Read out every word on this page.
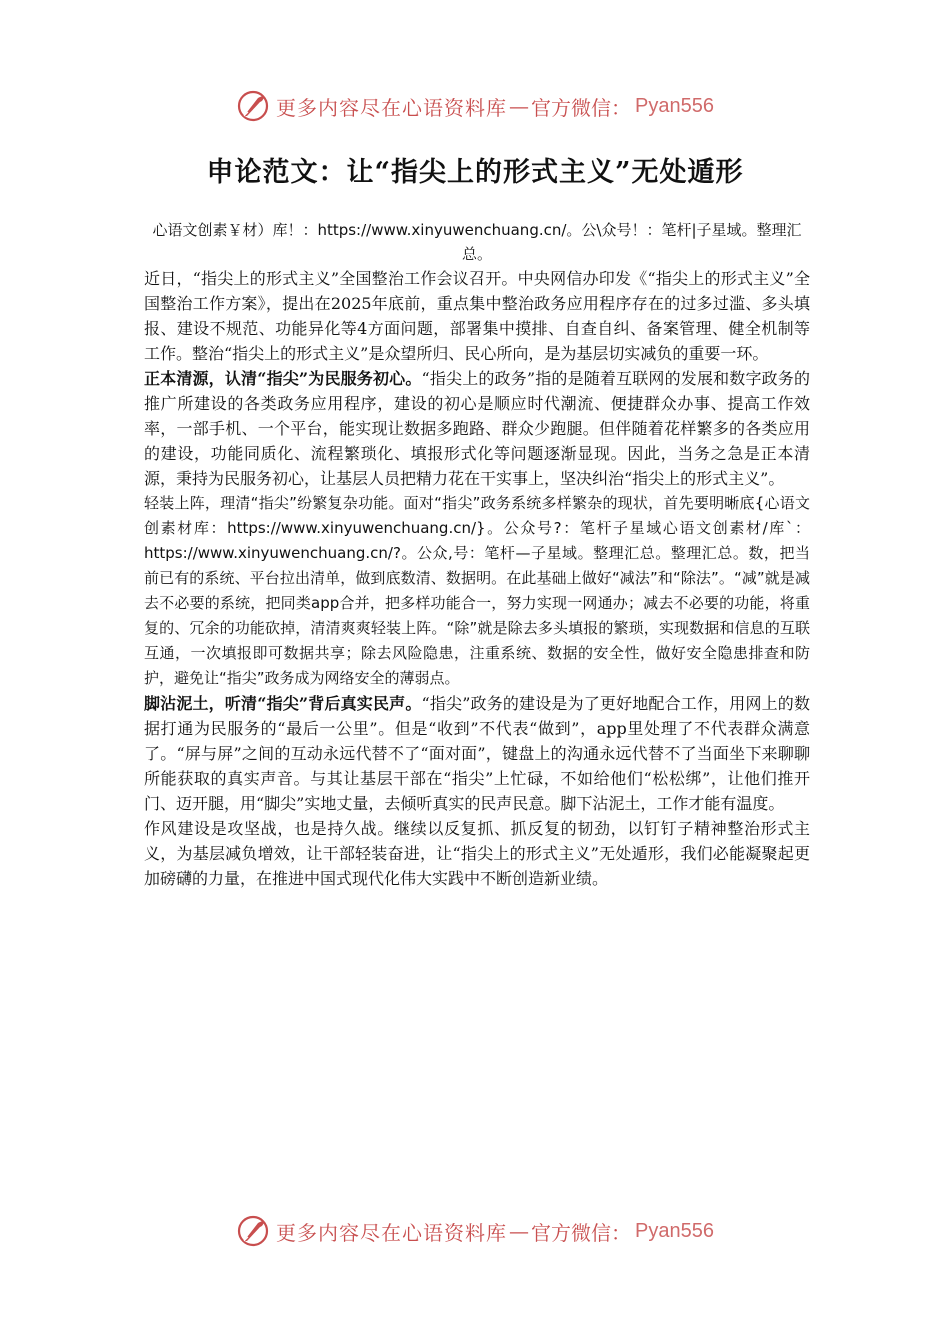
更多内容尽在心语资料库 — 官方微信： Pyan556
申论范文：让“指尖上的形式主义”无处遁形

心语文创素￥材）库！：https://www.xinyuwenchuang.cn/。公\众号！：笔杆|子星域。整理汇总。

近日，“指尖上的形式主义”全国整治工作会议召开。中央网信办印发《“指尖上的形式主义”全国整治工作方案》，提出在2025年底前，重点集中整治政务应用程序存在的过多过滥、多头填报、建设不规范、功能异化等4方面问题，部署集中摸排、自查自纠、备案管理、健全机制等工作。整治“指尖上的形式主义”是众望所归、民心所向，是为基层切实减负的重要一环。

正本清源，认清“指尖”为民服务初心。“指尖上的政务”指的是随着互联网的发展和数字政务的推广所建设的各类政务应用程序，建设的初心是顺应时代潮流、便捷群众办事、提高工作效率，一部手机、一个平台，能实现让数据多跑路、群众少跑腿。但伴随着花样繁多的各类应用的建设，功能同质化、流程繁琐化、填报形式化等问题逐渐显现。因此，当务之急是正本清源，秉持为民服务初心，让基层人员把精力花在干实事上，坚决纠治“指尖上的形式主义”。

轻装上阵，理清“指尖”纷繁复杂功能。面对“指尖”政务系统多样繁杂的现状，首先要明晰底{心语文创素材库：https://www.xinyuwenchuang.cn/}。公众号?：笔杆子星域心语文创素材/库`：https://www.xinyuwenchuang.cn/?。公众,号：笔杆—子星域。整理汇总。整理汇总。数，把当前已有的系统、平台拉出清单，做到底数清、数据明。在此基础上做好“减法”和“除法”。“减”就是减去不必要的系统，把同类app合并，把多样功能合一，努力实现一网通办；减去不必要的功能，将重复的、冗余的功能砍掉，清清爽爽轻装上阵。“除”就是除去多头填报的繁琐，实现数据和信息的互联互通，一次填报即可数据共享；除去风险隐患，注重系统、数据的安全性，做好安全隐患排查和防护，避免让“指尖”政务成为网络安全的薄弱点。

脚沾泥土，听清“指尖”背后真实民声。“指尖”政务的建设是为了更好地配合工作，用网上的数据打通为民服务的“最后一公里”。但是“收到”不代表“做到”，app里处理了不代表群众满意了。“屏与屏”之间的互动永远代替不了“面对面”，键盘上的沟通永远代替不了当面坐下来聊聊所能获取的真实声音。与其让基层干部在“指尖”上忙碌，不如给他们“松松绑”，让他们推开门、迈开腿，用“脚尖”实地丈量，去倾听真实的民声民意。脚下沾泥土，工作才能有温度。

作风建设是攻坚战，也是持久战。继续以反复抓、抓反复的韧劲，以钉钉子精神整治形式主义，为基层减负增效，让干部轻装奋进，让“指尖上的形式主义”无处遁形，我们必能凝聚起更加磅礴的力量，在推进中国式现代化伟大实践中不断创造新业绩。

更多内容尽在心语资料库 — 官方微信： Pyan556
